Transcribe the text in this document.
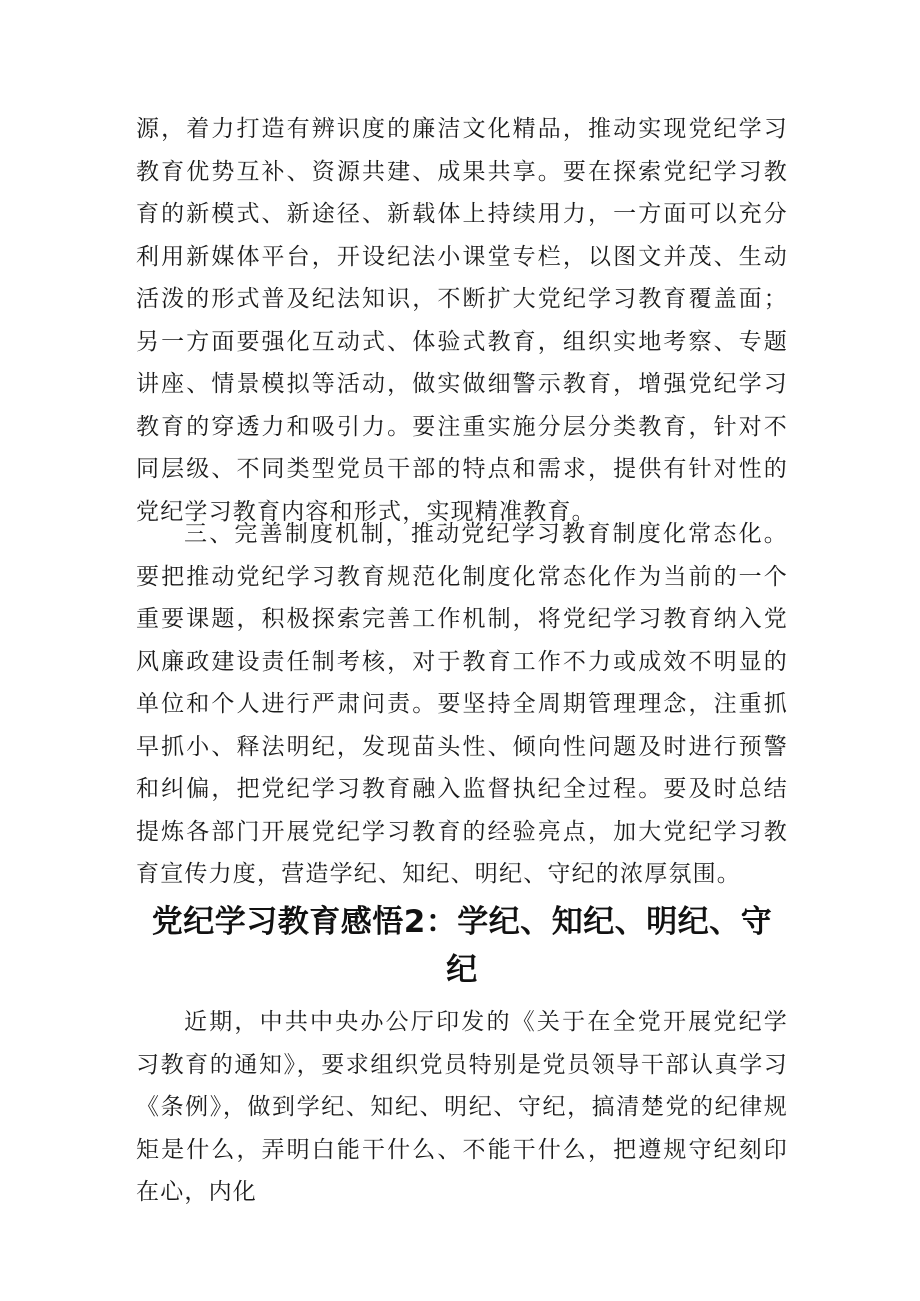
源，着力打造有辨识度的廉洁文化精品，推动实现党纪学习教育优势互补、资源共建、成果共享。要在探索党纪学习教育的新模式、新途径、新载体上持续用力，一方面可以充分利用新媒体平台，开设纪法小课堂专栏，以图文并茂、生动活泼的形式普及纪法知识，不断扩大党纪学习教育覆盖面；另一方面要强化互动式、体验式教育，组织实地考察、专题讲座、情景模拟等活动，做实做细警示教育，增强党纪学习教育的穿透力和吸引力。要注重实施分层分类教育，针对不同层级、不同类型党员干部的特点和需求，提供有针对性的党纪学习教育内容和形式，实现精准教育。
三、完善制度机制，推动党纪学习教育制度化常态化。要把推动党纪学习教育规范化制度化常态化作为当前的一个重要课题，积极探索完善工作机制，将党纪学习教育纳入党风廉政建设责任制考核，对于教育工作不力或成效不明显的单位和个人进行严肃问责。要坚持全周期管理理念，注重抓早抓小、释法明纪，发现苗头性、倾向性问题及时进行预警和纠偏，把党纪学习教育融入监督执纪全过程。要及时总结提炼各部门开展党纪学习教育的经验亮点，加大党纪学习教育宣传力度，营造学纪、知纪、明纪、守纪的浓厚氛围。
党纪学习教育感悟2：学纪、知纪、明纪、守纪
近期，中共中央办公厅印发的《关于在全党开展党纪学习教育的通知》，要求组织党员特别是党员领导干部认真学习《条例》，做到学纪、知纪、明纪、守纪，搞清楚党的纪律规矩是什么，弄明白能干什么、不能干什么，把遵规守纪刻印在心，内化
